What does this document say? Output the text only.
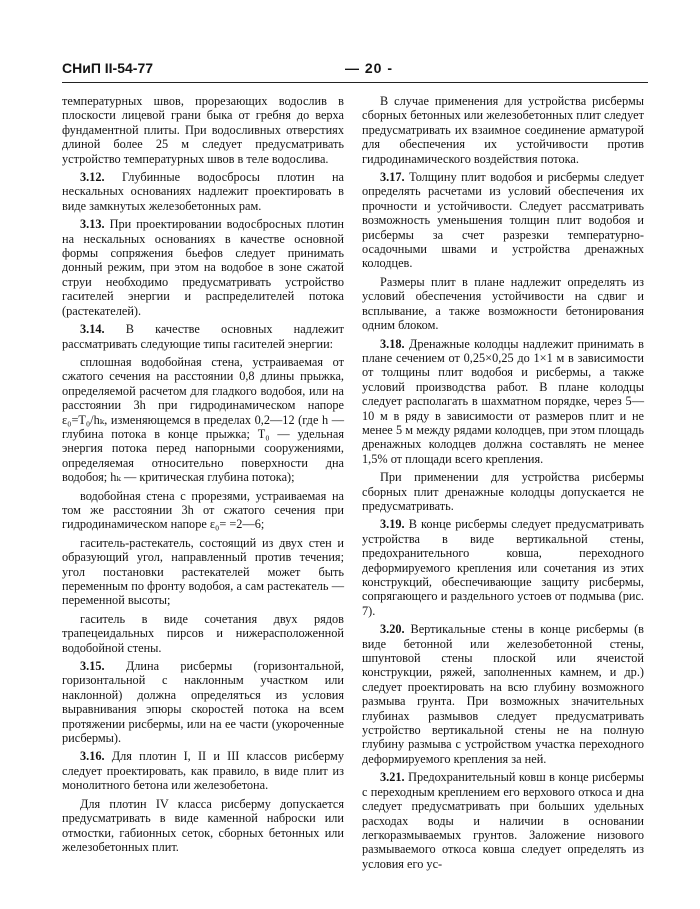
СНиП II-54-77	— 20 -

температурных швов, прорезающих водослив в плоскости лицевой грани быка от гребня до верха фундаментной плиты. При водосливных отверстиях длиной более 25 м следует предусматривать устройство температурных швов в теле водослива.

3.12. Глубинные водосбросы плотин на нескальных основаниях надлежит проектировать в виде замкнутых железобетонных рам.

3.13. При проектировании водосбросных плотин на нескальных основаниях в качестве основной формы сопряжения бьефов следует принимать донный режим, при этом на водобое в зоне сжатой струи необходимо предусматривать устройство гасителей энергии и распределителей потока (растекателей).

3.14. В качестве основных надлежит рассматривать следующие типы гасителей энергии:

сплошная водобойная стена, устраиваемая от сжатого сечения на расстоянии 0,8 длины прыжка, определяемой расчетом для гладкого водобоя, или на расстоянии 3h при гидродинамическом напоре ε₀=T₀/hₖ, изменяющемся в пределах 0,2—12 (где h — глубина потока в конце прыжка; T₀ — удельная энергия потока перед напорными сооружениями, определяемая относительно поверхности дна водобоя; hₖ — критическая глубина потока);

водобойная стена с прорезями, устраиваемая на том же расстоянии 3h от сжатого сечения при гидродинамическом напоре ε₀= =2—6;

гаситель-растекатель, состоящий из двух стен и образующий угол, направленный против течения; угол постановки растекателей может быть переменным по фронту водобоя, а сам растекатель — переменной высоты;

гаситель в виде сочетания двух рядов трапецеидальных пирсов и нижерасположенной водобойной стены.

3.15. Длина рисбермы (горизонтальной, горизонтальной с наклонным участком или наклонной) должна определяться из условия выравнивания эпюры скоростей потока на всем протяжении рисбермы, или на ее части (укороченные рисбермы).

3.16. Для плотин I, II и III классов рисберму следует проектировать, как правило, в виде плит из монолитного бетона или железобетона.

Для плотин IV класса рисберму допускается предусматривать в виде каменной наброски или отмостки, габионных сеток, сборных бетонных или железобетонных плит.

В случае применения для устройства рисбермы сборных бетонных или железобетонных плит следует предусматривать их взаимное соединение арматурой для обеспечения их устойчивости против гидродинамического воздействия потока.

3.17. Толщину плит водобоя и рисбермы следует определять расчетами из условий обеспечения их прочности и устойчивости. Следует рассматривать возможность уменьшения толщин плит водобоя и рисбермы за счет разрезки температурно-осадочными швами и устройства дренажных колодцев.

Размеры плит в плане надлежит определять из условий обеспечения устойчивости на сдвиг и всплывание, а также возможности бетонирования одним блоком.

3.18. Дренажные колодцы надлежит принимать в плане сечением от 0,25×0,25 до 1×1 м в зависимости от толщины плит водобоя и рисбермы, а также условий производства работ. В плане колодцы следует располагать в шахматном порядке, через 5—10 м в ряду в зависимости от размеров плит и не менее 5 м между рядами колодцев, при этом площадь дренажных колодцев должна составлять не менее 1,5% от площади всего крепления.

При применении для устройства рисбермы сборных плит дренажные колодцы допускается не предусматривать.

3.19. В конце рисбермы следует предусматривать устройства в виде вертикальной стены, предохранительного ковша, переходного деформируемого крепления или сочетания из этих конструкций, обеспечивающие защиту рисбермы, сопрягающего и раздельного устоев от подмыва (рис. 7).

3.20. Вертикальные стены в конце рисбермы (в виде бетонной или железобетонной стены, шпунтовой стены плоской или ячеистой конструкции, ряжей, заполненных камнем, и др.) следует проектировать на всю глубину возможного размыва грунта. При возможных значительных глубинах размывов следует предусматривать устройство вертикальной стены не на полную глубину размыва с устройством участка переходного деформируемого крепления за ней.

3.21. Предохранительный ковш в конце рисбермы с переходным креплением его верхового откоса и дна следует предусматривать при больших удельных расходах воды и наличии в основании легкоразмываемых грунтов. Заложение низового размываемого откоса ковша следует определять из условия его ус-
